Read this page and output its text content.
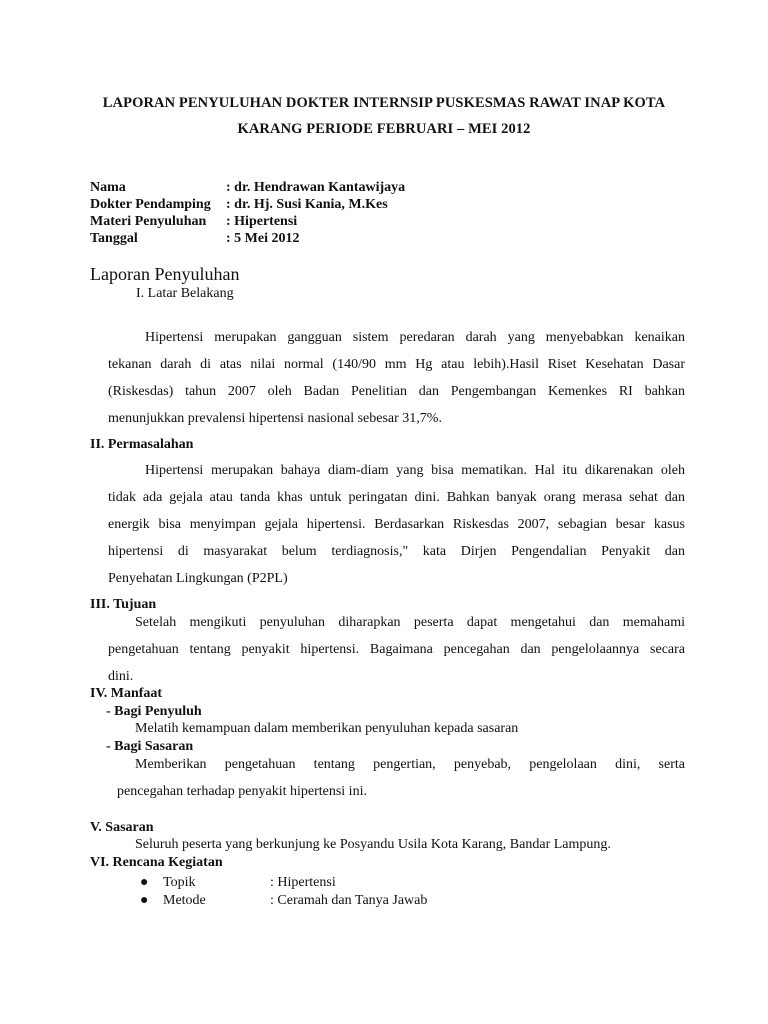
LAPORAN PENYULUHAN DOKTER INTERNSIP PUSKESMAS RAWAT INAP KOTA
KARANG PERIODE FEBRUARI – MEI 2012
Nama	: dr. Hendrawan Kantawijaya
Dokter Pendamping : dr. Hj. Susi Kania, M.Kes
Materi Penyuluhan : Hipertensi
Tanggal	: 5 Mei 2012
Laporan Penyuluhan
I. Latar Belakang
Hipertensi merupakan gangguan sistem peredaran darah yang menyebabkan kenaikan
tekanan darah di atas nilai normal (140/90 mm Hg atau lebih).Hasil Riset Kesehatan Dasar
(Riskesdas) tahun 2007 oleh Badan Penelitian dan Pengembangan Kemenkes RI bahkan
menunjukkan prevalensi hipertensi nasional sebesar 31,7%.
II. Permasalahan
Hipertensi merupakan bahaya diam-diam yang bisa mematikan. Hal itu dikarenakan oleh
tidak ada gejala atau tanda khas untuk peringatan dini. Bahkan banyak orang merasa sehat dan
energik bisa menyimpan gejala hipertensi. Berdasarkan Riskesdas 2007, sebagian besar kasus
hipertensi di masyarakat belum terdiagnosis," kata Dirjen Pengendalian Penyakit dan
Penyehatan Lingkungan (P2PL)
III. Tujuan
Setelah mengikuti penyuluhan diharapkan peserta dapat mengetahui dan memahami
pengetahuan tentang penyakit hipertensi. Bagaimana pencegahan dan pengelolaannya secara
dini.
IV. Manfaat
- Bagi Penyuluh
Melatih kemampuan dalam memberikan penyuluhan kepada sasaran
- Bagi Sasaran
Memberikan pengetahuan tentang pengertian, penyebab, pengelolaan dini, serta
pencegahan terhadap penyakit hipertensi ini.
V. Sasaran
Seluruh peserta yang berkunjung ke Posyandu Usila Kota Karang, Bandar Lampung.
VI. Rencana Kegiatan
● Topik	: Hipertensi
● Metode	: Ceramah dan Tanya Jawab
